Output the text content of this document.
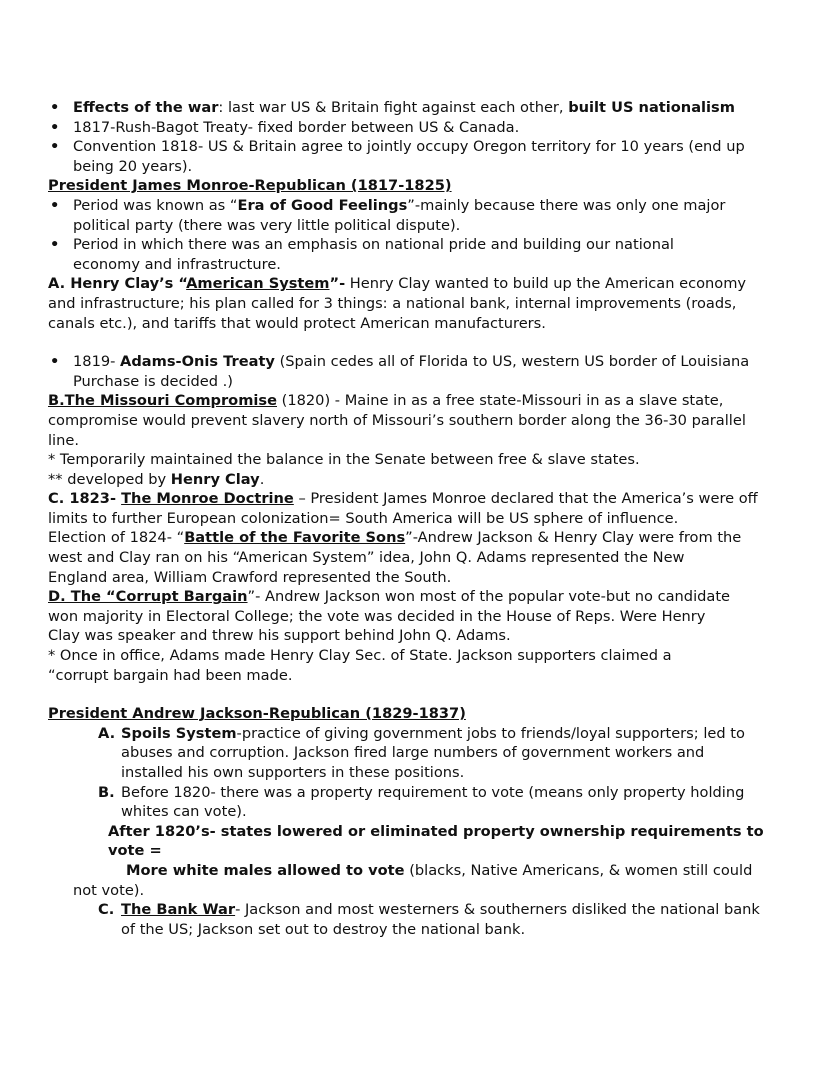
• Effects of the war: last war US & Britain fight against each other, built US nationalism

• 1817-Rush-Bagot Treaty- fixed border between US & Canada.

• Convention 1818- US & Britain agree to jointly occupy Oregon territory for 10 years (end up

being 20 years).

President James Monroe-Republican (1817-1825)

• Period was known as “Era of Good Feelings”-mainly because there was only one major

political party (there was very little political dispute).

• Period in which there was an emphasis on national pride and building our national

economy and infrastructure.

A. Henry Clay’s “American System”- Henry Clay wanted to build up the American economy

and infrastructure; his plan called for 3 things: a national bank, internal improvements (roads,

canals etc.), and tariffs that would protect American manufacturers.

• 1819- Adams-Onis Treaty (Spain cedes all of Florida to US, western US border of Louisiana

Purchase is decided .)

B.The Missouri Compromise (1820) - Maine in as a free state-Missouri in as a slave state,

compromise would prevent slavery north of Missouri’s southern border along the 36-30 parallel

line.

* Temporarily maintained the balance in the Senate between free & slave states.

** developed by Henry Clay.

C. 1823- The Monroe Doctrine – President James Monroe declared that the America’s were off

limits to further European colonization= South America will be US sphere of influence.

Election of 1824- “Battle of the Favorite Sons”-Andrew Jackson & Henry Clay were from the

west and Clay ran on his “American System” idea, John Q. Adams represented the New

England area, William Crawford represented the South.

D. The “Corrupt Bargain”- Andrew Jackson won most of the popular vote-but no candidate

won majority in Electoral College; the vote was decided in the House of Reps. Were Henry

Clay was speaker and threw his support behind John Q. Adams.

* Once in office, Adams made Henry Clay Sec. of State. Jackson supporters claimed a

“corrupt bargain had been made.

President Andrew Jackson-Republican (1829-1837)

A. Spoils System-practice of giving government jobs to friends/loyal supporters; led to

abuses and corruption. Jackson fired large numbers of government workers and

installed his own supporters in these positions.

B. Before 1820- there was a property requirement to vote (means only property holding

whites can vote).

After 1820’s- states lowered or eliminated property ownership requirements to vote =

More white males allowed to vote (blacks, Native Americans, & women still could

not vote).

C. The Bank War- Jackson and most westerners & southerners disliked the national bank

of the US; Jackson set out to destroy the national bank.
